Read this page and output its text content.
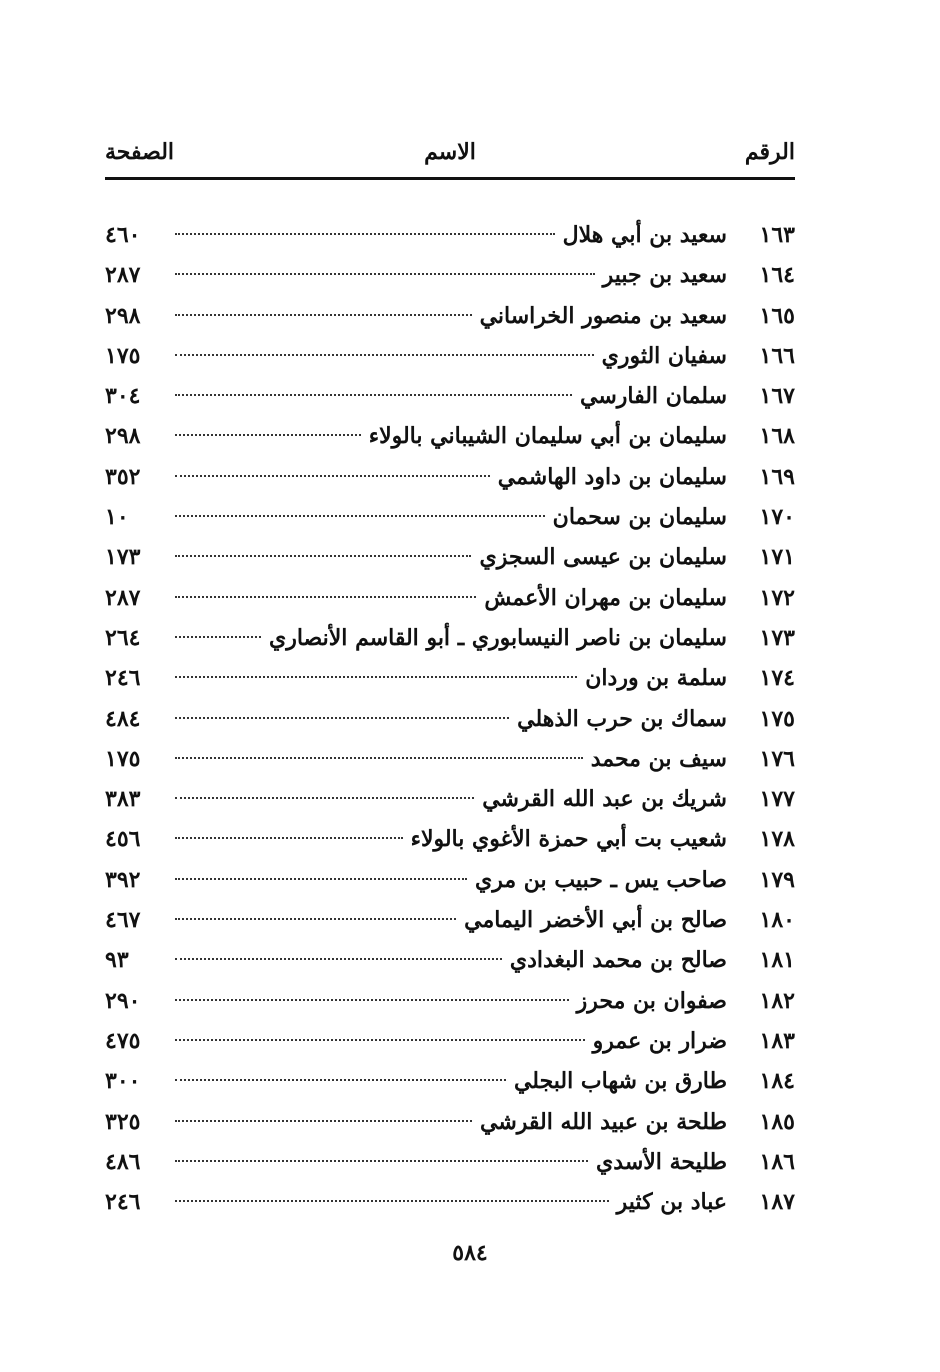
الرقم
الاسم
الصفحة
١٦٣
سعيد بن أبي هلال
٤٦٠
١٦٤
سعيد بن جبير
٢٨٧
١٦٥
سعيد بن منصور الخراساني
٢٩٨
١٦٦
سفيان الثوري
١٧٥
١٦٧
سلمان الفارسي
٣٠٤
١٦٨
سليمان بن أبي سليمان الشيباني بالولاء
٢٩٨
١٦٩
سليمان بن داود الهاشمي
٣٥٢
١٧٠
سليمان بن سحمان
١٠
١٧١
سليمان بن عيسى السجزي
١٧٣
١٧٢
سليمان بن مهران الأعمش
٢٨٧
١٧٣
سليمان بن ناصر النيسابوري ـ أبو القاسم الأنصاري
٢٦٤
١٧٤
سلمة بن وردان
٢٤٦
١٧٥
سماك بن حرب الذهلي
٤٨٤
١٧٦
سيف بن محمد
١٧٥
١٧٧
شريك بن عبد الله القرشي
٣٨٣
١٧٨
شعيب بت أبي حمزة الأغوي بالولاء
٤٥٦
١٧٩
صاحب يس ـ حبيب بن مري
٣٩٢
١٨٠
صالح بن أبي الأخضر اليمامي
٤٦٧
١٨١
صالح بن محمد البغدادي
٩٣
١٨٢
صفوان بن محرز
٢٩٠
١٨٣
ضرار بن عمرو
٤٧٥
١٨٤
طارق بن شهاب البجلي
٣٠٠
١٨٥
طلحة بن عبيد الله القرشي
٣٢٥
١٨٦
طليحة الأسدي
٤٨٦
١٨٧
عباد بن كثير
٢٤٦
٥٨٤
